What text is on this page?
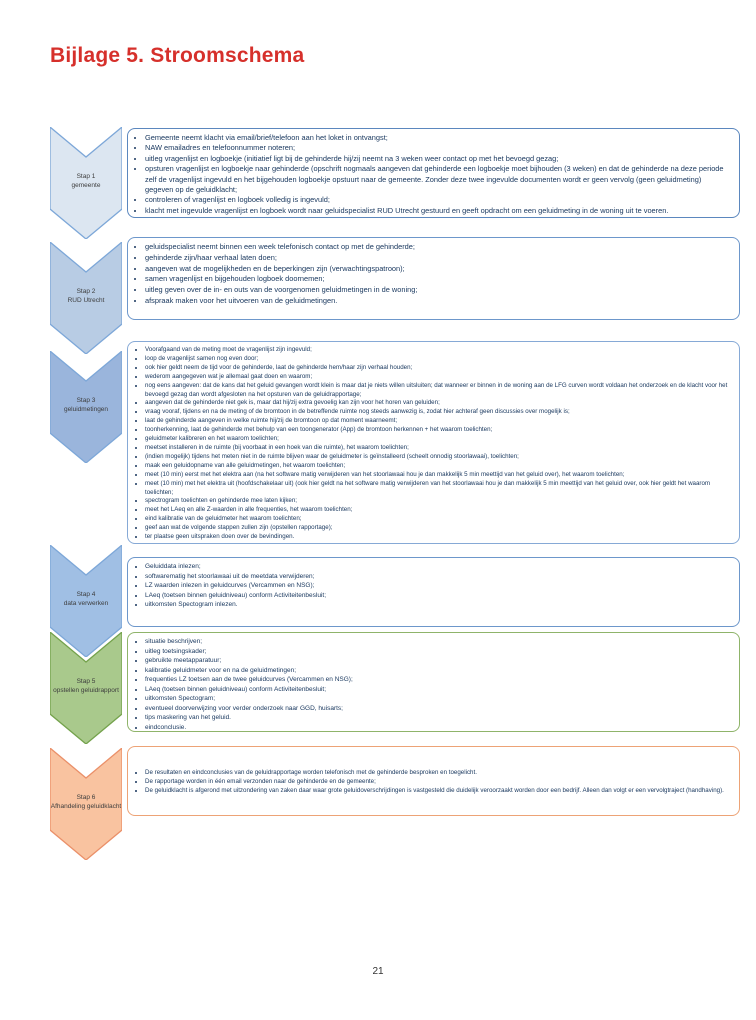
Bijlage 5. Stroomschema
Stap 1
gemeente
• Gemeente neemt klacht via email/brief/telefoon aan het loket in ontvangst;
• NAW emailadres en telefoonnummer noteren;
• uitleg vragenlijst en logboekje (initiatief ligt bij de gehinderde hij/zij neemt na 3 weken weer contact op met het bevoegd gezag;
• opsturen vragenlijst en logboekje naar gehinderde (opschrift nogmaals aangeven dat gehinderde een logboekje moet bijhouden (3 weken) en dat de gehinderde na deze periode zelf de vragenlijst ingevuld en het bijgehouden logboekje opstuurt naar de gemeente. Zonder deze twee ingevulde documenten wordt er geen vervolg (geen geluidmeting) gegeven op de geluidklacht;
• controleren of vragenlijst en logboek volledig is ingevuld;
• klacht met ingevulde vragenlijst en logboek wordt naar geluidspecialist RUD Utrecht gestuurd en geeft opdracht om een geluidmeting in de woning uit te voeren.
Stap 2
RUD Utrecht
• geluidspecialist neemt binnen een week telefonisch contact op met de gehinderde;
• gehinderde zijn/haar verhaal laten doen;
• aangeven wat de mogelijkheden en de beperkingen zijn (verwachtingspatroon);
• samen vragenlijst en bijgehouden logboek doornemen;
• uitleg geven over de in- en outs van de voorgenomen geluidmetingen in de woning;
• afspraak maken voor het uitvoeren van de geluidmetingen.
Stap 3
geluidmetingen
• Voorafgaand van de meting moet de vragenlijst zijn ingevuld;
• loop de vragenlijst samen nog even door;
• ook hier geldt neem de tijd voor de gehinderde, laat de gehinderde hem/haar zijn verhaal houden;
• wederom aangegeven wat je allemaal gaat doen en waarom;
• nog eens aangeven: dat de kans dat het geluid gevangen wordt klein is maar dat je niets willen uitsluiten; dat wanneer er binnen in de woning aan de LFG curven wordt voldaan het onderzoek en de klacht voor het bevoegd gezag dan wordt afgesloten na het opsturen van de geluidrapportage;
• aangeven dat de gehinderde niet gek is, maar dat hij/zij extra gevoelig kan zijn voor het horen van geluiden;
• vraag vooraf, tijdens en na de meting of de bromtoon in de betreffende ruimte nog steeds aanwezig is, zodat hier achteraf geen discussies over mogelijk is;
• laat de gehinderde aangeven in welke ruimte hij/zij de bromtoon op dat moment waarneemt;
• toonherkenning, laat de gehinderde met behulp van een toongenerator (App) de bromtoon herkennen + het waarom toelichten;
• geluidmeter kalibreren en het waarom toelichten;
• meetset installeren in de ruimte (bij voorbaat in een hoek van die ruimte), het waarom toelichten;
• (indien mogelijk) tijdens het meten niet in de ruimte blijven waar de geluidmeter is geïnstalleerd (scheelt onnodig stoorlawaai), toelichten;
• maak een geluidopname van alle geluidmetingen, het waarom toelichten;
• meet (10 min) eerst met het elektra aan (na het software matig verwijderen van het stoorlawaai hou je dan makkelijk 5 min meettijd van het geluid over), het waarom toelichten;
• meet (10 min) met het elektra uit (hoofdschakelaar uit) (ook hier geldt na het software matig verwijderen van het stoorlawaai hou je dan makkelijk 5 min meettijd van het geluid over, ook hier geldt het waarom toelichten;
• spectrogram toelichten en gehinderde mee laten kijken;
• meet het LAeq en alle Z-waarden in alle frequenties, het waarom toelichten;
• eind kalibratie van de geluidmeter het waarom toelichten;
• geef aan wat de volgende stappen zullen zijn (opstellen rapportage);
• ter plaatse geen uitspraken doen over de bevindingen.
Stap 4
data verwerken
• Geluiddata inlezen;
• softwarematig het stoorlawaai uit de meetdata verwijderen;
• LZ waarden inlezen in geluidcurves (Vercammen en NSG);
• LAeq (toetsen binnen geluidniveau) conform Activiteitenbesluit;
• uitkomsten Spectogram inlezen.
Stap 5
opstellen geluidrapport
• situatie beschrijven;
• uitleg toetsingskader;
• gebruikte meetapparatuur;
• kalibratie geluidmeter voor en na de geluidmetingen;
• frequenties LZ toetsen aan de twee geluidcurves (Vercammen en NSG);
• LAeq (toetsen binnen geluidniveau) conform Activiteitenbesluit;
• uitkomsten Spectogram;
• eventueel doorverwijzing voor verder onderzoek naar GGD, huisarts;
• tips maskering van het geluid.
• eindconclusie.
Stap 6
Afhandeling geluidklacht
• De resultaten en eindconclusies van de geluidrapportage worden telefonisch met de gehinderde besproken en toegelicht.
• De rapportage worden in één email verzonden naar de gehinderde en de gemeente;
• De geluidklacht is afgerond met uitzondering van zaken daar waar grote geluidoverschrijdingen is vastgesteld die duidelijk veroorzaakt worden door een bedrijf. Alleen dan volgt er een vervolgtraject (handhaving).
21
